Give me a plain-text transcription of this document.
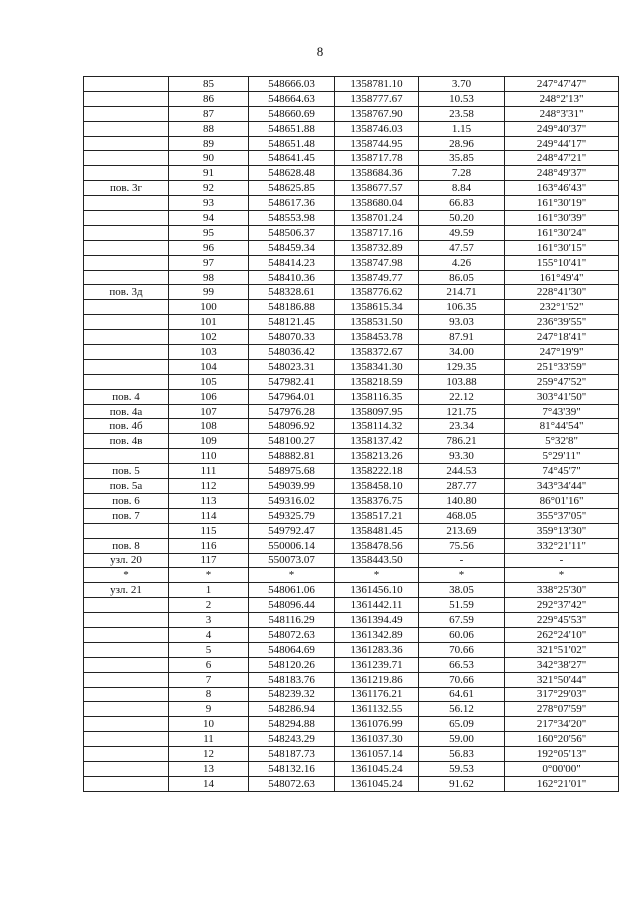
8
	85	548666.03	1358781.10	3.70	247°47'47"
	86	548664.63	1358777.67	10.53	248°2'13"
	87	548660.69	1358767.90	23.58	248°3'31"
	88	548651.88	1358746.03	1.15	249°40'37"
	89	548651.48	1358744.95	28.96	249°44'17"
	90	548641.45	1358717.78	35.85	248°47'21"
	91	548628.48	1358684.36	7.28	248°49'37"
пов. 3г	92	548625.85	1358677.57	8.84	163°46'43"
	93	548617.36	1358680.04	66.83	161°30'19"
	94	548553.98	1358701.24	50.20	161°30'39"
	95	548506.37	1358717.16	49.59	161°30'24"
	96	548459.34	1358732.89	47.57	161°30'15"
	97	548414.23	1358747.98	4.26	155°10'41"
	98	548410.36	1358749.77	86.05	161°49'4"
пов. 3д	99	548328.61	1358776.62	214.71	228°41'30"
	100	548186.88	1358615.34	106.35	232°1'52"
	101	548121.45	1358531.50	93.03	236°39'55"
	102	548070.33	1358453.78	87.91	247°18'41"
	103	548036.42	1358372.67	34.00	247°19'9"
	104	548023.31	1358341.30	129.35	251°33'59"
	105	547982.41	1358218.59	103.88	259°47'52"
пов. 4	106	547964.01	1358116.35	22.12	303°41'50"
пов. 4а	107	547976.28	1358097.95	121.75	7°43'39"
пов. 4б	108	548096.92	1358114.32	23.34	81°44'54"
пов. 4в	109	548100.27	1358137.42	786.21	5°32'8"
	110	548882.81	1358213.26	93.30	5°29'11"
пов. 5	111	548975.68	1358222.18	244.53	74°45'7"
пов. 5а	112	549039.99	1358458.10	287.77	343°34'44"
пов. 6	113	549316.02	1358376.75	140.80	86°01'16"
пов. 7	114	549325.79	1358517.21	468.05	355°37'05"
	115	549792.47	1358481.45	213.69	359°13'30"
пов. 8	116	550006.14	1358478.56	75.56	332°21'11"
узл. 20	117	550073.07	1358443.50	-	-
*	*	*	*	*	*
узл. 21	1	548061.06	1361456.10	38.05	338°25'30"
	2	548096.44	1361442.11	51.59	292°37'42"
	3	548116.29	1361394.49	67.59	229°45'53"
	4	548072.63	1361342.89	60.06	262°24'10"
	5	548064.69	1361283.36	70.66	321°51'02"
	6	548120.26	1361239.71	66.53	342°38'27"
	7	548183.76	1361219.86	70.66	321°50'44"
	8	548239.32	1361176.21	64.61	317°29'03"
	9	548286.94	1361132.55	56.12	278°07'59"
	10	548294.88	1361076.99	65.09	217°34'20"
	11	548243.29	1361037.30	59.00	160°20'56"
	12	548187.73	1361057.14	56.83	192°05'13"
	13	548132.16	1361045.24	59.53	0°00'00"
	14	548072.63	1361045.24	91.62	162°21'01"
